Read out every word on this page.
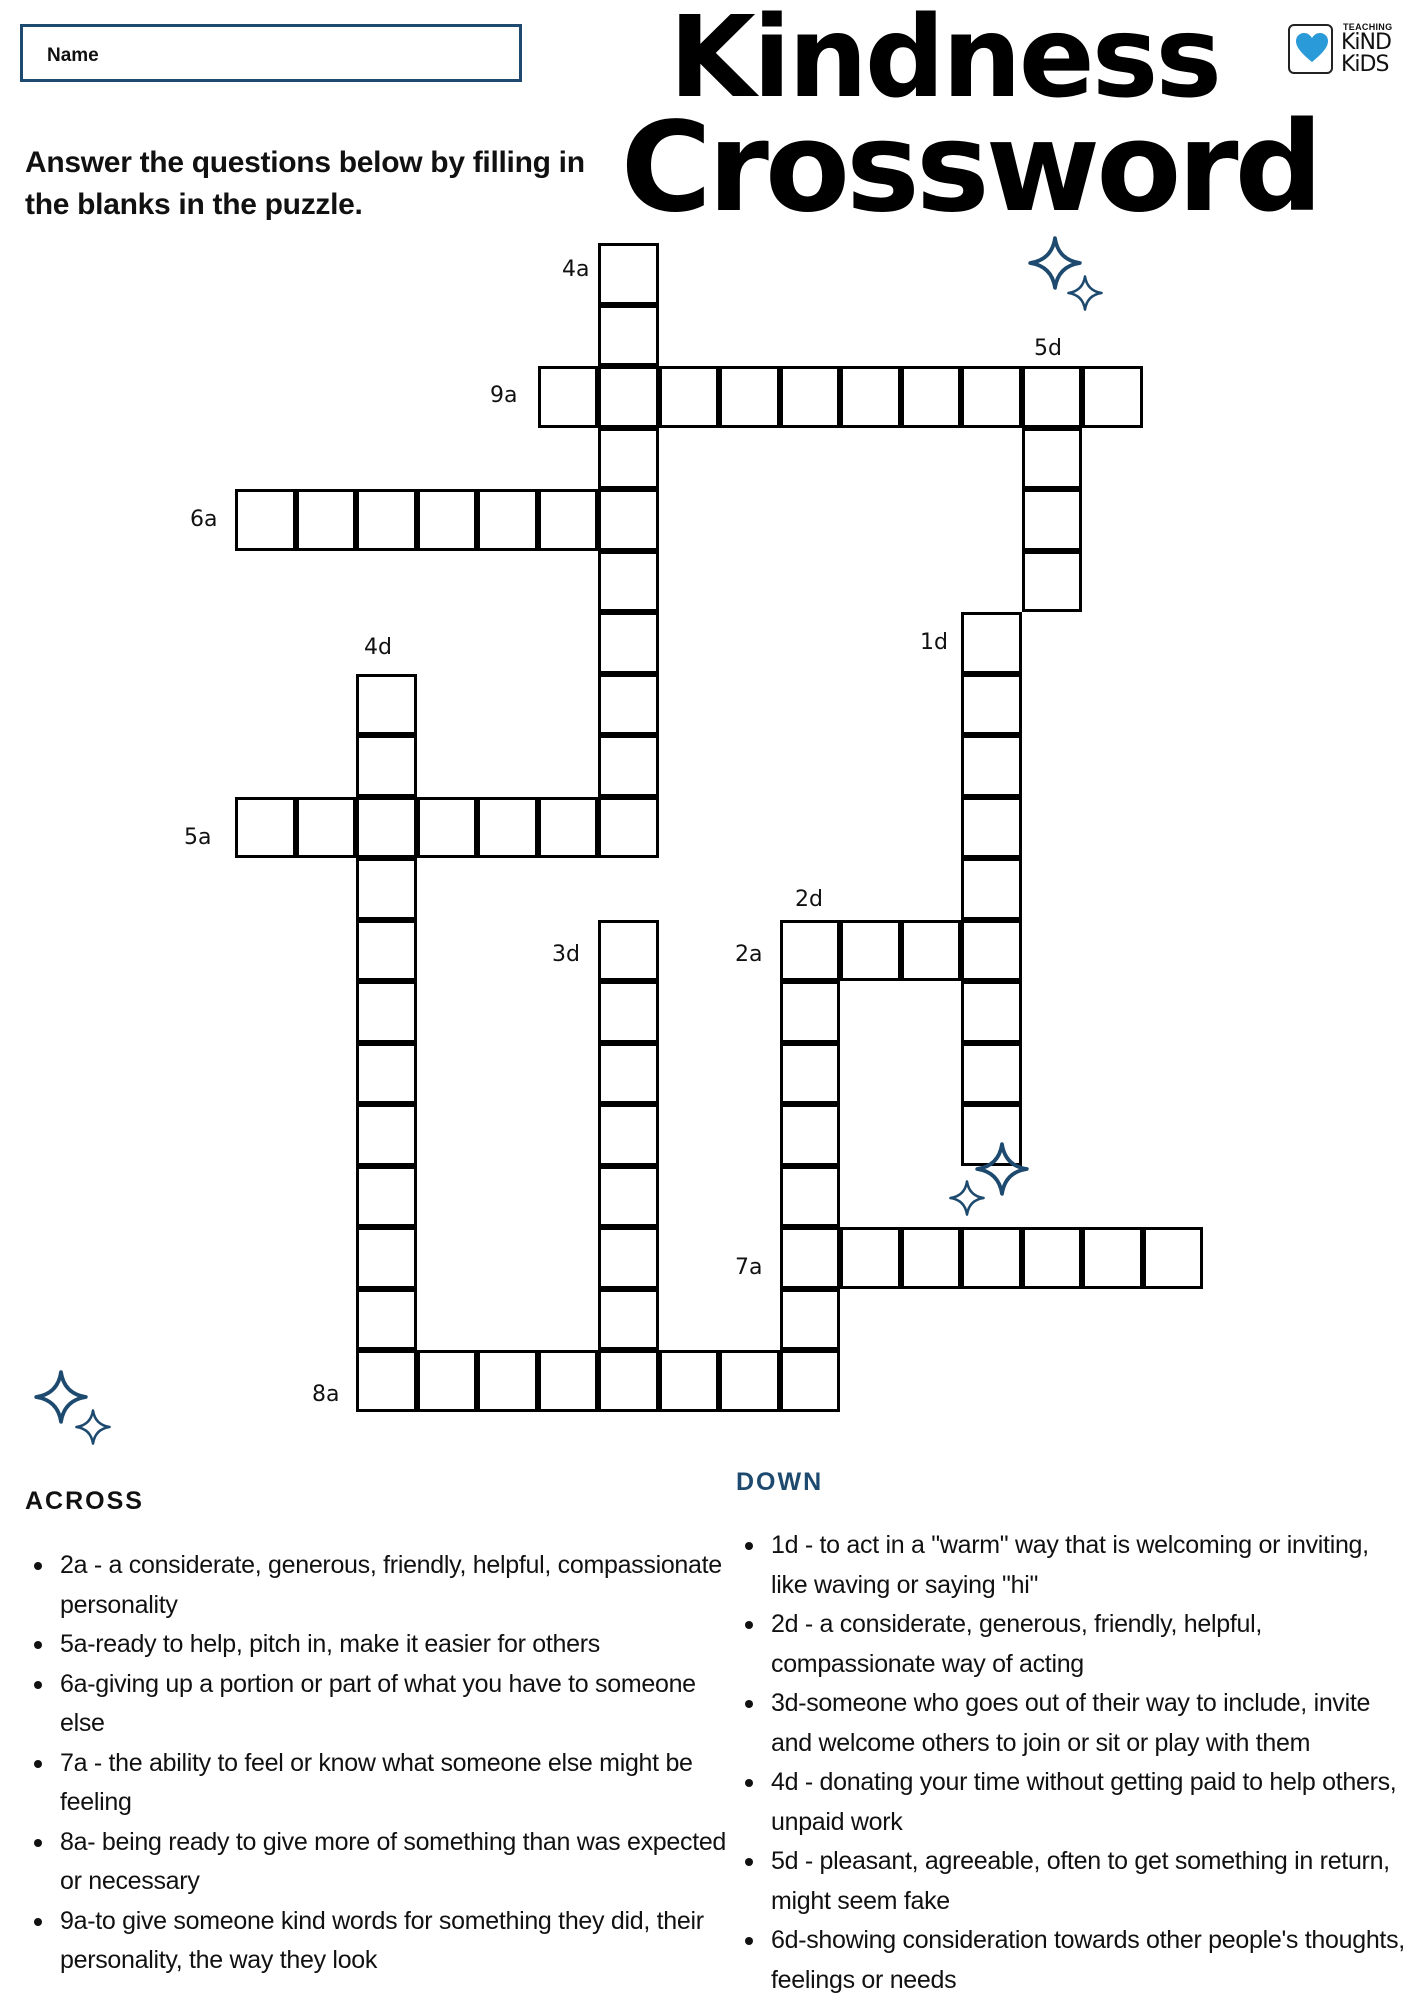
Name
Answer the questions below by filling in the blanks in the puzzle.
Kindness
Crossword
TEACHING
KiND
KiDS
4a
9a
5d
6a
1d
4d
5a
2d
3d	2a
7a
8a
ACROSS
2a - a considerate, generous, friendly, helpful, compassionate personality
5a-ready to help, pitch in, make it easier for others
6a-giving up a portion or part of what you have to someone else
7a - the ability to feel or know what someone else might be feeling
8a- being ready to give more of something than was expected or necessary
9a-to give someone kind words for something they did, their personality, the way they look
DOWN
1d - to act in a "warm" way that is welcoming or inviting, like waving or saying "hi"
2d - a considerate, generous, friendly, helpful, compassionate way of acting
3d-someone who goes out of their way to include, invite and welcome others to join or sit or play with them
4d - donating your time without getting paid to help others, unpaid work
5d - pleasant, agreeable, often to get something in return, might seem fake
6d-showing consideration towards other people's thoughts, feelings or needs
